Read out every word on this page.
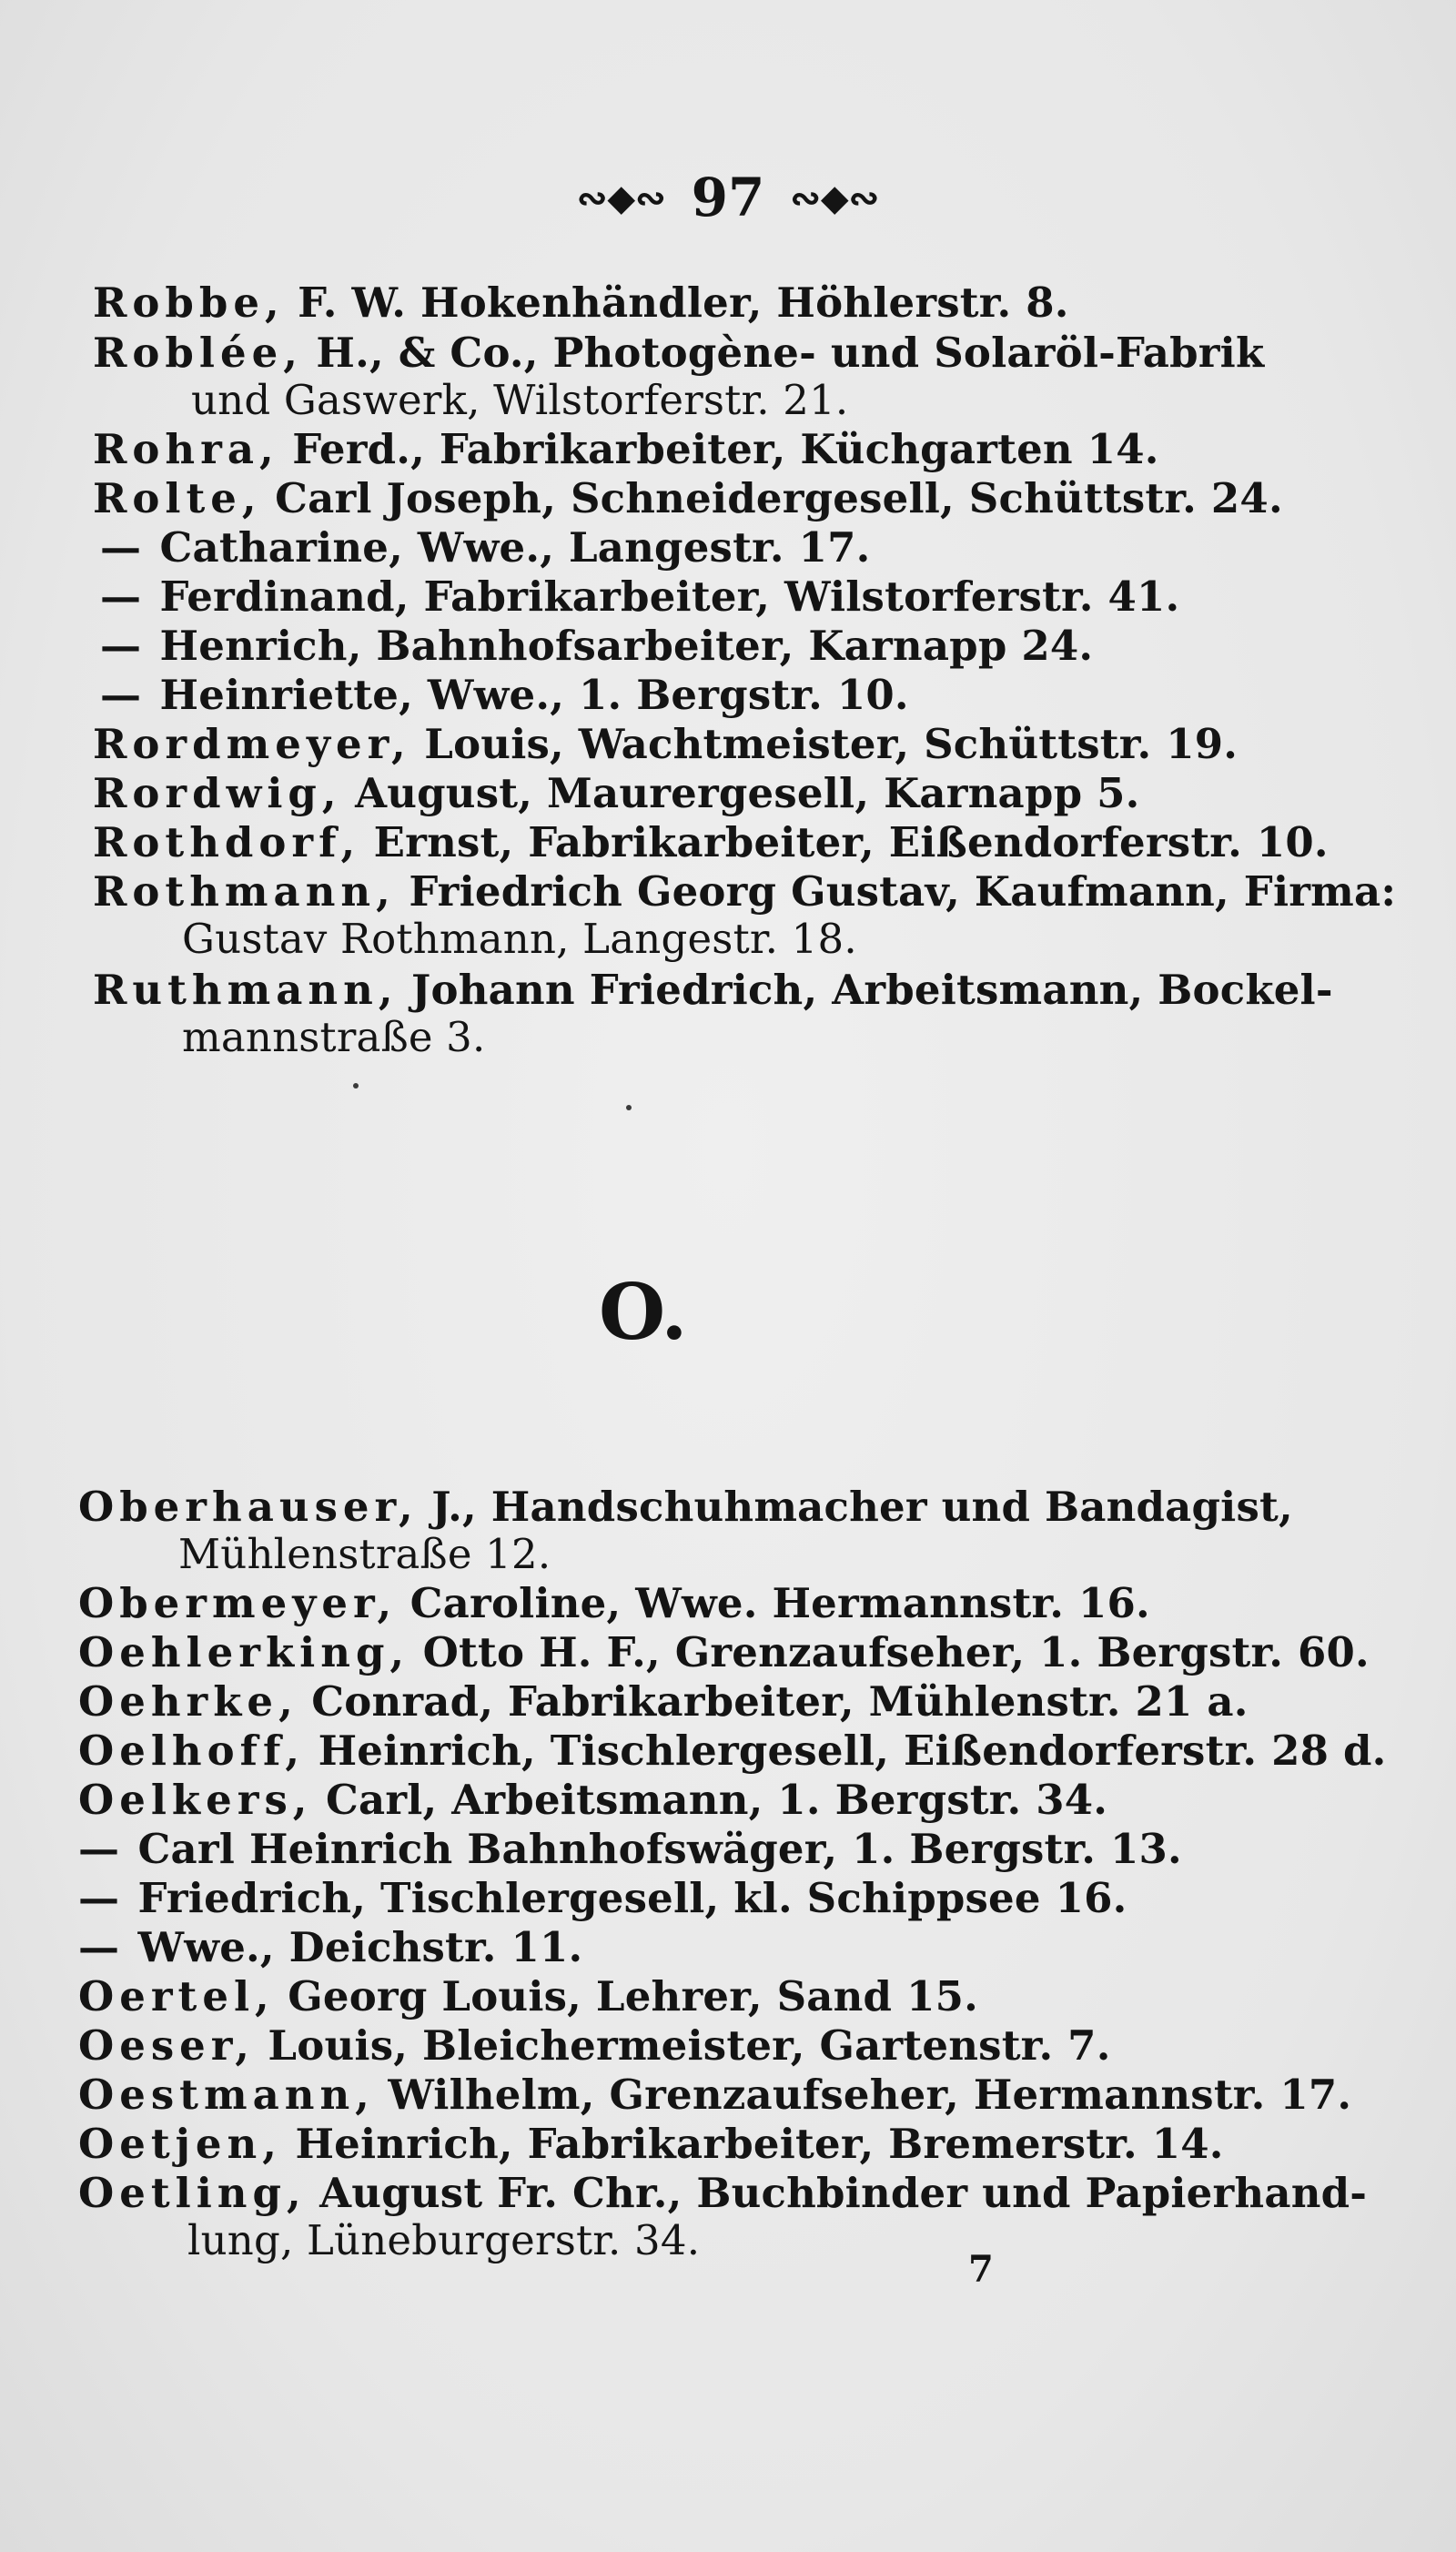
∾◆∾ 97 ∾◆∾
Robbe, F. W. Hokenhändler, Höhlerstr. 8.
Roblée, H., & Co., Photogène- und Solaröl-Fabrik
und Gaswerk, Wilstorferstr. 21.
Rohra, Ferd., Fabrikarbeiter, Küchgarten 14.
Rolte, Carl Joseph, Schneidergesell, Schüttstr. 24.
— Catharine, Wwe., Langestr. 17.
— Ferdinand, Fabrikarbeiter, Wilstorferstr. 41.
— Henrich, Bahnhofsarbeiter, Karnapp 24.
— Heinriette, Wwe., 1. Bergstr. 10.
Rordmeyer, Louis, Wachtmeister, Schüttstr. 19.
Rordwig, August, Maurergesell, Karnapp 5.
Rothdorf, Ernst, Fabrikarbeiter, Eißendorferstr. 10.
Rothmann, Friedrich Georg Gustav, Kaufmann, Firma:
Gustav Rothmann, Langestr. 18.
Ruthmann, Johann Friedrich, Arbeitsmann, Bockel-
mannstraße 3.
O.
Oberhauser, J., Handschuhmacher und Bandagist,
Mühlenstraße 12.
Obermeyer, Caroline, Wwe. Hermannstr. 16.
Oehlerking, Otto H. F., Grenzaufseher, 1. Bergstr. 60.
Oehrke, Conrad, Fabrikarbeiter, Mühlenstr. 21 a.
Oelhoff, Heinrich, Tischlergesell, Eißendorferstr. 28 d.
Oelkers, Carl, Arbeitsmann, 1. Bergstr. 34.
— Carl Heinrich Bahnhofswäger, 1. Bergstr. 13.
— Friedrich, Tischlergesell, kl. Schippsee 16.
— Wwe., Deichstr. 11.
Oertel, Georg Louis, Lehrer, Sand 15.
Oeser, Louis, Bleichermeister, Gartenstr. 7.
Oestmann, Wilhelm, Grenzaufseher, Hermannstr. 17.
Oetjen, Heinrich, Fabrikarbeiter, Bremerstr. 14.
Oetling, August Fr. Chr., Buchbinder und Papierhand-
lung, Lüneburgerstr. 34.
7
